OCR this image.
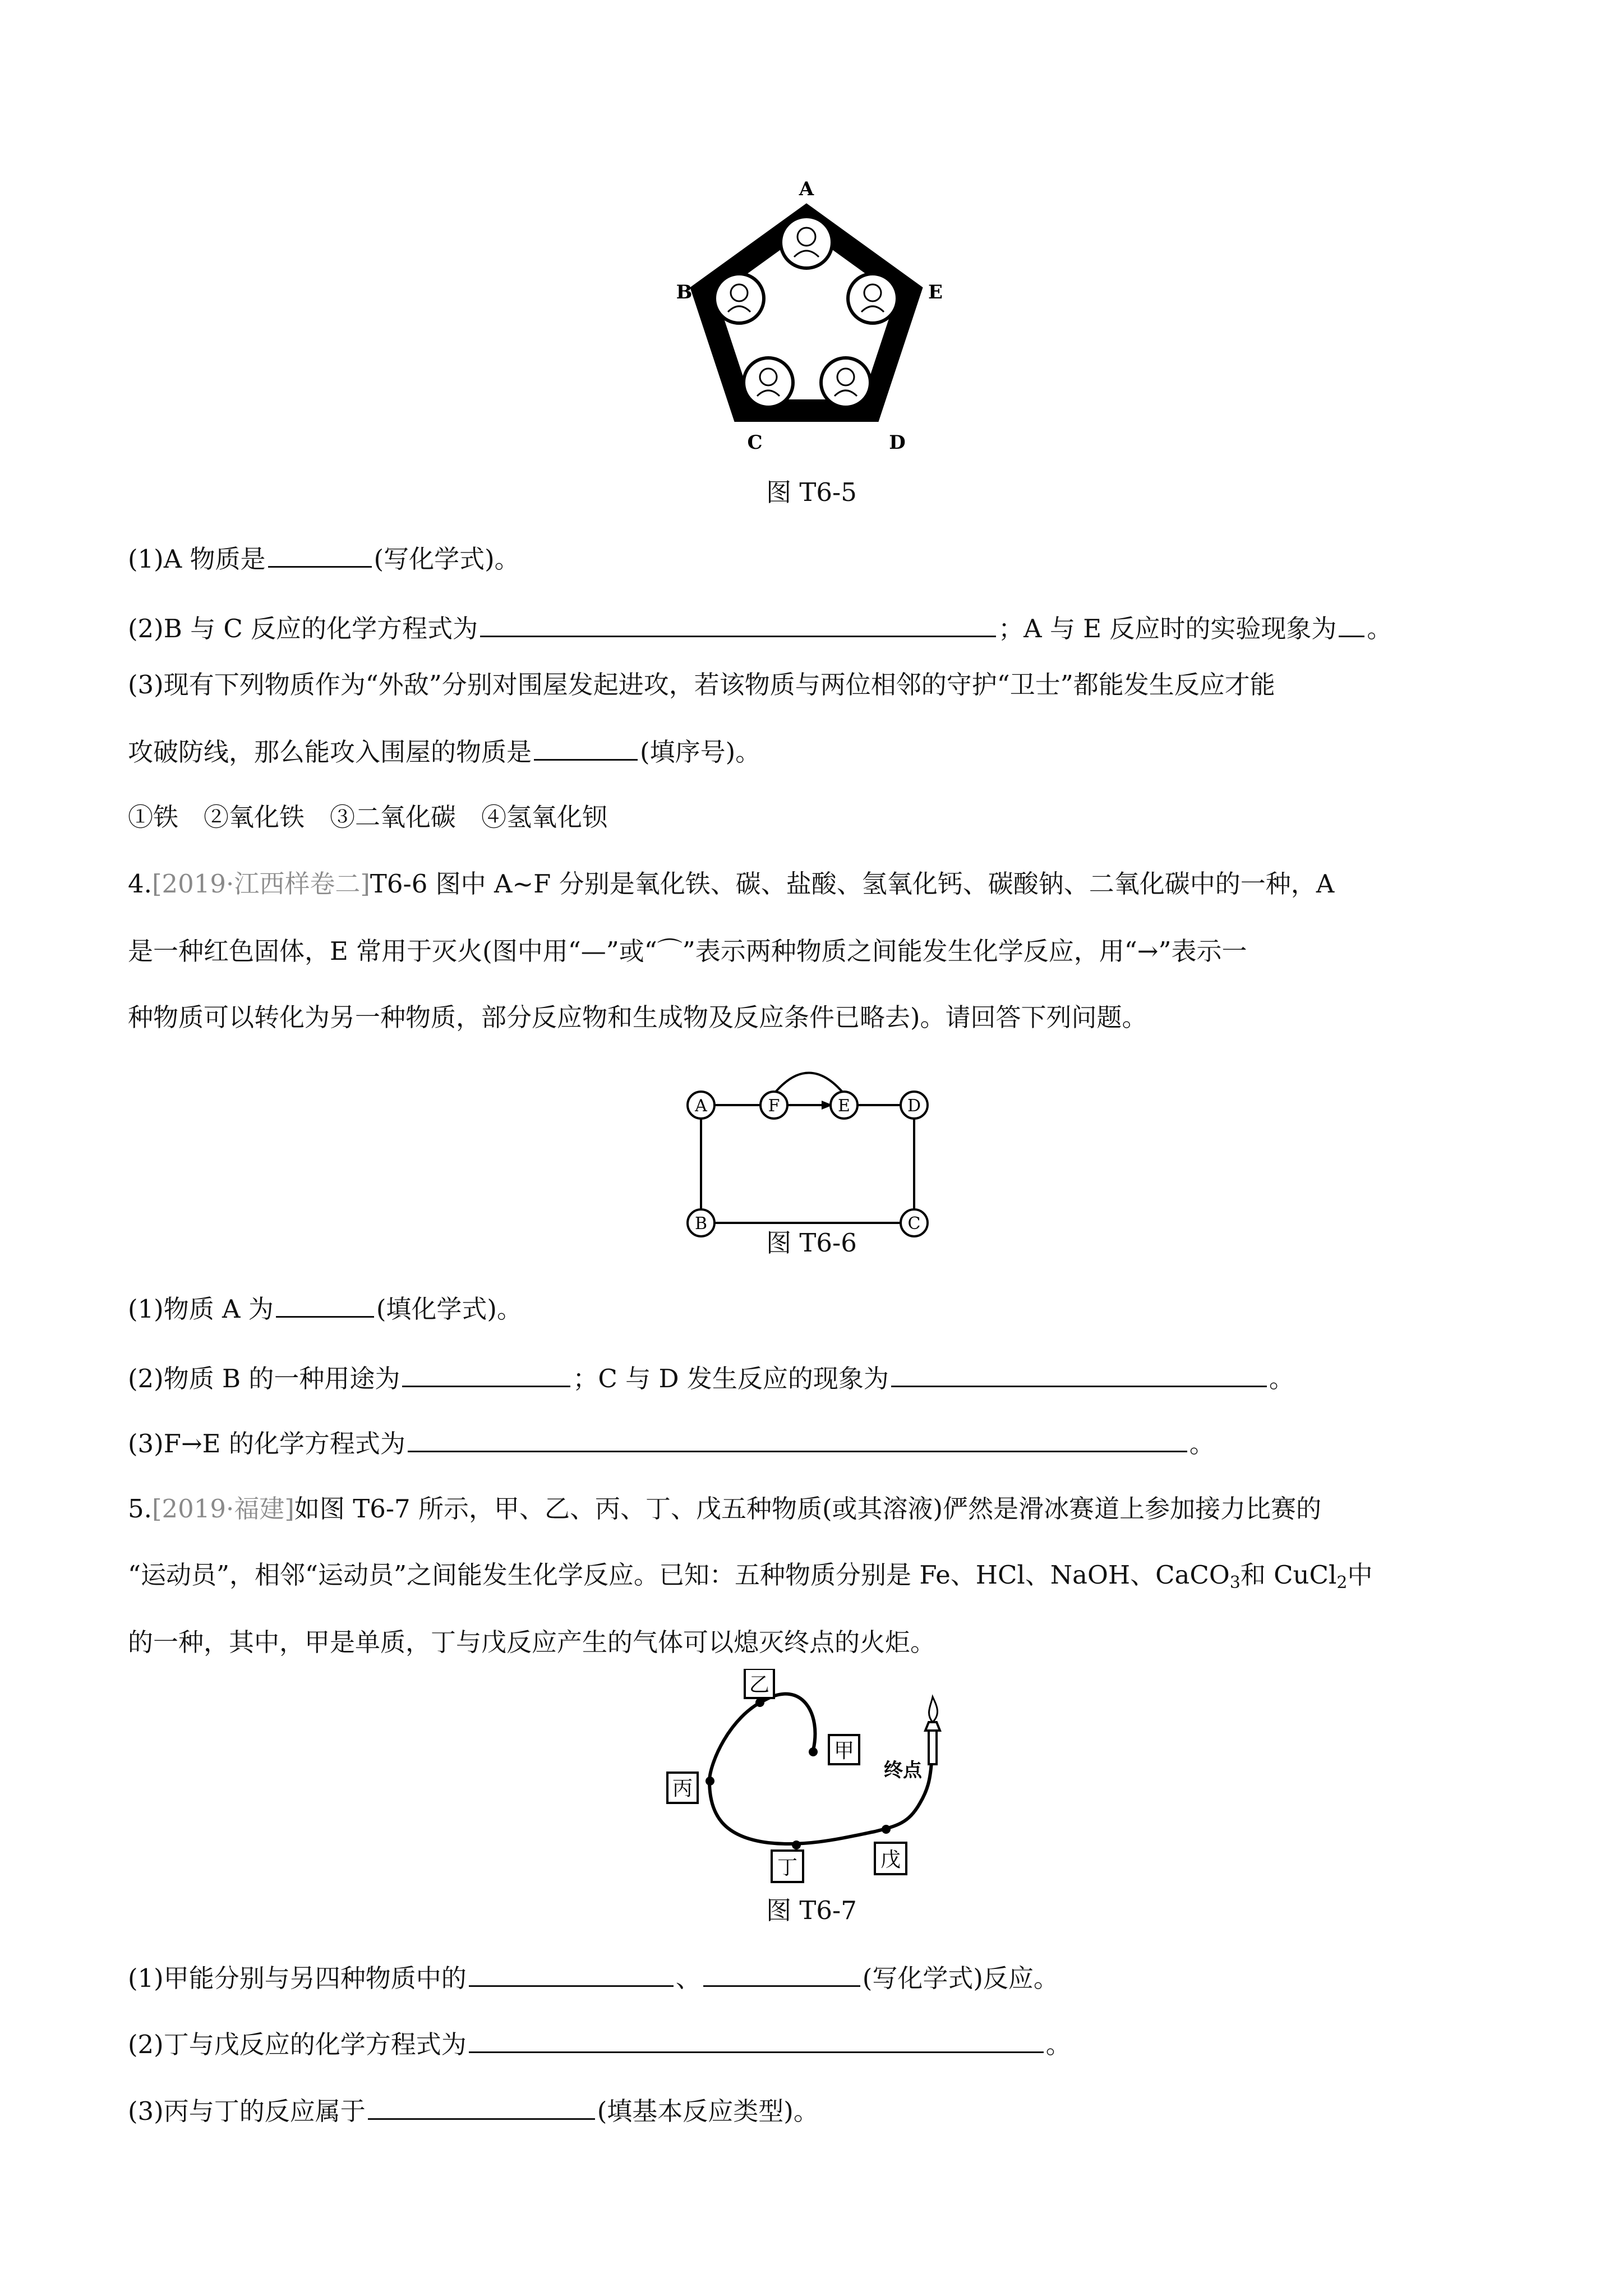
A
B	E
C	D
图 T6-5
(1)A 物质是	(写化学式)。
(2)B 与 C 反应的化学方程式为	；A 与 E 反应时的实验现象为 。
(3)现有下列物质作为“外敌”分别对围屋发起进攻，若该物质与两位相邻的守护“卫士”都能发生反应才能
攻破防线，那么能攻入围屋的物质是	(填序号)。
①铁　②氧化铁　③二氧化碳　④氢氧化钡
4.[2019·江西样卷二]T6-6 图中 A~F 分别是氧化铁、碳、盐酸、氢氧化钙、碳酸钠、二氧化碳中的一种，A
是一种红色固体，E 常用于灭火(图中用“—”或“⌒”表示两种物质之间能发生化学反应，用“→”表示一
种物质可以转化为另一种物质，部分反应物和生成物及反应条件已略去)。请回答下列问题。
A	F	E	D
B	C
图 T6-6
(1)物质 A 为	(填化学式)。
(2)物质 B 的一种用途为	；C 与 D 发生反应的现象为	。
(3)F→E 的化学方程式为	。
5.[2019·福建]如图 T6-7 所示，甲、乙、丙、丁、戊五种物质(或其溶液)俨然是滑冰赛道上参加接力比赛的
“运动员”，相邻“运动员”之间能发生化学反应。已知：五种物质分别是 Fe、HCl、NaOH、CaCO$_3$和 CuCl$_2$中
的一种，其中，甲是单质，丁与戊反应产生的气体可以熄灭终点的火炬。
乙
甲
丙
丁	戊
终点
图 T6-7
(1)甲能分别与另四种物质中的	、	(写化学式)反应。
(2)丁与戊反应的化学方程式为	。
(3)丙与丁的反应属于	(填基本反应类型)。
